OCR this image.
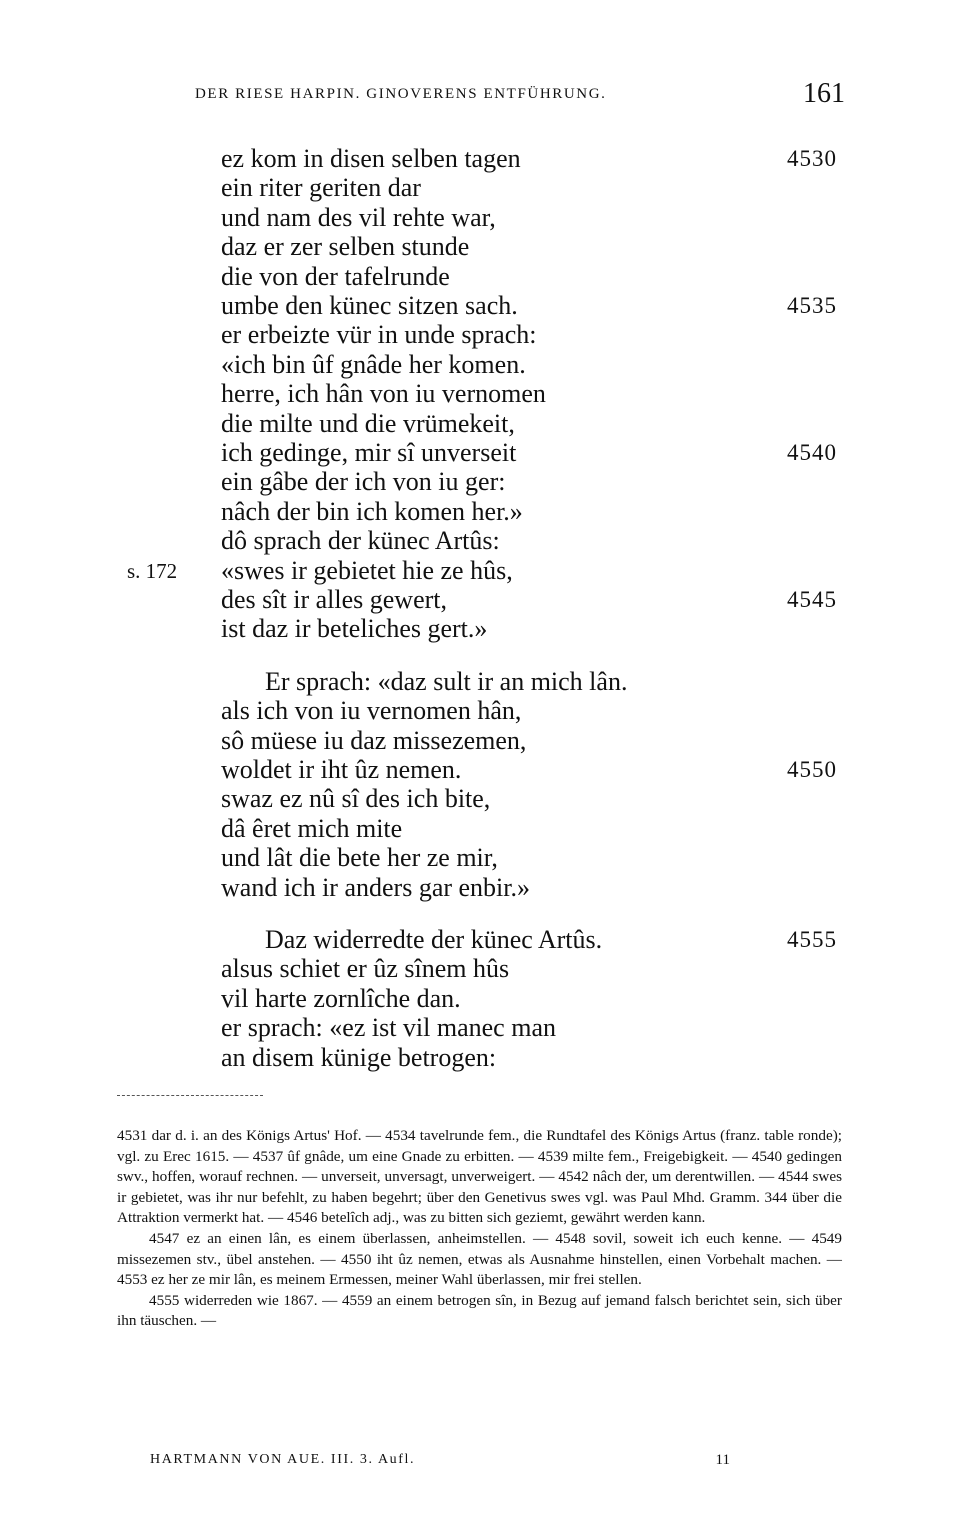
DER RIESE HARPIN. GINOVERENS ENTFÜHRUNG.	161
ez kom in disen selben tagen	4530
ein riter geriten dar
und nam des vil rehte war,
daz er zer selben stunde
die von der tafelrunde
umbe den künec sitzen sach.	4535
er erbeizte vür in unde sprach:
«ich bin ûf gnâde her komen.
herre, ich hân von iu vernomen
die milte und die vrümekeit,
ich gedinge, mir sî unverseit	4540
ein gâbe der ich von iu ger:
nâch der bin ich komen her.»
dô sprach der künec Artûs:
«swes ir gebietet hie ze hûs,
s. 172
des sît ir alles gewert,	4545
ist daz ir beteliches gert.»
Er sprach: «daz sult ir an mich lân.
als ich von iu vernomen hân,
sô müese iu daz missezemen,
woldet ir iht ûz nemen.	4550
swaz ez nû sî des ich bite,
dâ êret mich mite
und lât die bete her ze mir,
wand ich ir anders gar enbir.»
Daz widerredte der künec Artûs.	4555
alsus schiet er ûz sînem hûs
vil harte zornlîche dan.
er sprach: «ez ist vil manec man
an disem künige betrogen:

4531 dar d. i. an des Königs Artus' Hof. — 4534 tavelrunde fem., die Rundtafel des Königs Artus (franz. table ronde); vgl. zu Erec 1615. — 4537 ûf gnâde, um eine Gnade zu erbitten. — 4539 milte fem., Freigebigkeit. — 4540 gedingen swv., hoffen, worauf rechnen. — unverseit, unversagt, unverweigert. — 4542 nâch der, um derentwillen. — 4544 swes ir gebietet, was ihr nur befehlt, zu haben begehrt; über den Genetivus swes vgl. was Paul Mhd. Gramm. 344 über die Attraktion vermerkt hat. — 4546 betelîch adj., was zu bitten sich geziemt, gewährt werden kann.

4547 ez an einen lân, es einem überlassen, anheimstellen. — 4548 sovil, soweit ich euch kenne. — 4549 missezemen stv., übel anstehen. — 4550 iht ûz nemen, etwas als Ausnahme hinstellen, einen Vorbehalt machen. — 4553 ez her ze mir lân, es meinem Ermessen, meiner Wahl überlassen, mir frei stellen.

4555 widerreden wie 1867. — 4559 an einem betrogen sîn, in Bezug auf jemand falsch berichtet sein, sich über ihn täuschen. —

HARTMANN VON AUE. III. 3. Aufl.	11
